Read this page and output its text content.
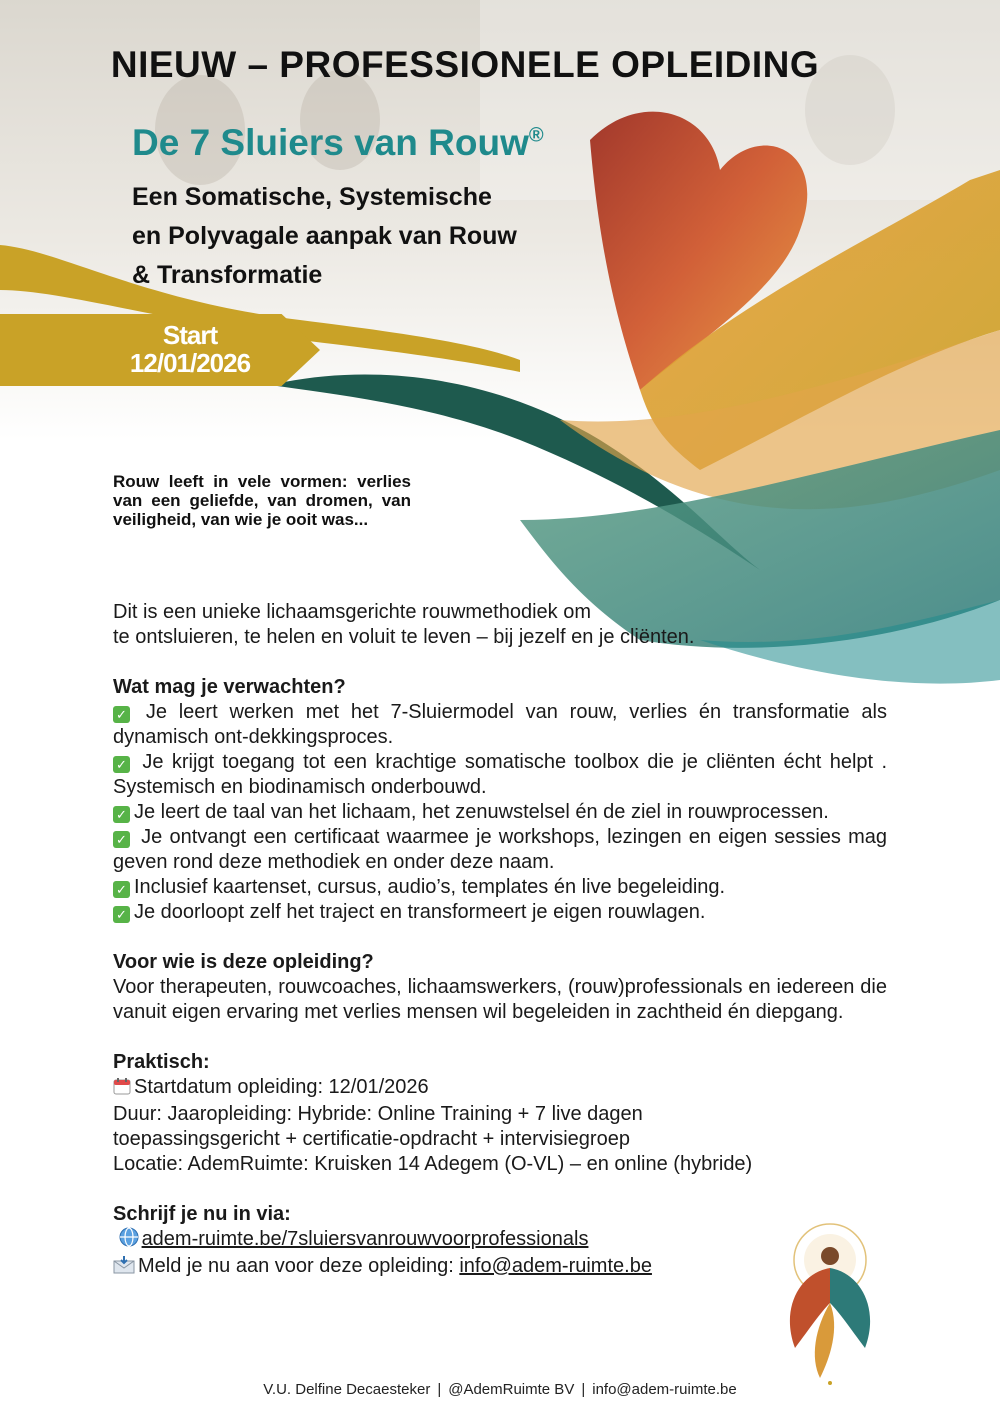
NIEUW – PROFESSIONELE OPLEIDING
De 7 Sluiers van Rouw®
Een Somatische, Systemische
en Polyvagale aanpak van Rouw
& Transformatie
Start
12/01/2026
Rouw leeft in vele vormen: verlies van een geliefde, van dromen, van veiligheid, van wie je ooit was...

Dit is een unieke lichaamsgerichte rouwmethodiek om

te ontsluieren, te helen en voluit te leven – bij jezelf en je cliënten.

Wat mag je verwachten?

✓ Je leert werken met het 7-Sluiermodel van rouw, verlies én transformatie als dynamisch ont-dekkingsproces.

✓ Je krijgt toegang tot een krachtige somatische toolbox die je cliënten écht helpt . Systemisch en biodinamisch onderbouwd.

✓ Je leert de taal van het lichaam, het zenuwstelsel én de ziel in rouwprocessen.

✓ Je ontvangt een certificaat waarmee je workshops, lezingen en eigen sessies mag geven rond deze methodiek en onder deze naam.

✓ Inclusief kaartenset, cursus, audio’s, templates én live begeleiding.

✓ Je doorloopt zelf het traject en transformeert je eigen rouwlagen.

Voor wie is deze opleiding?

Voor therapeuten, rouwcoaches, lichaamswerkers, (rouw)professionals en iedereen die vanuit eigen ervaring met verlies mensen wil begeleiden in zachtheid én diepgang.

Praktisch:

Startdatum opleiding: 12/01/2026

Duur: Jaaropleiding: Hybride: Online Training + 7 live dagen

toepassingsgericht + certificatie-opdracht + intervisiegroep

Locatie: AdemRuimte: Kruisken 14 Adegem (O-VL) – en online (hybride)

Schrijf je nu in via:

adem-ruimte.be/7sluiersvanrouwvoorprofessionals

Meld je nu aan voor deze opleiding: info@adem-ruimte.be

V.U. Delfine Decaesteker | @AdemRuimte BV | info@adem-ruimte.be
